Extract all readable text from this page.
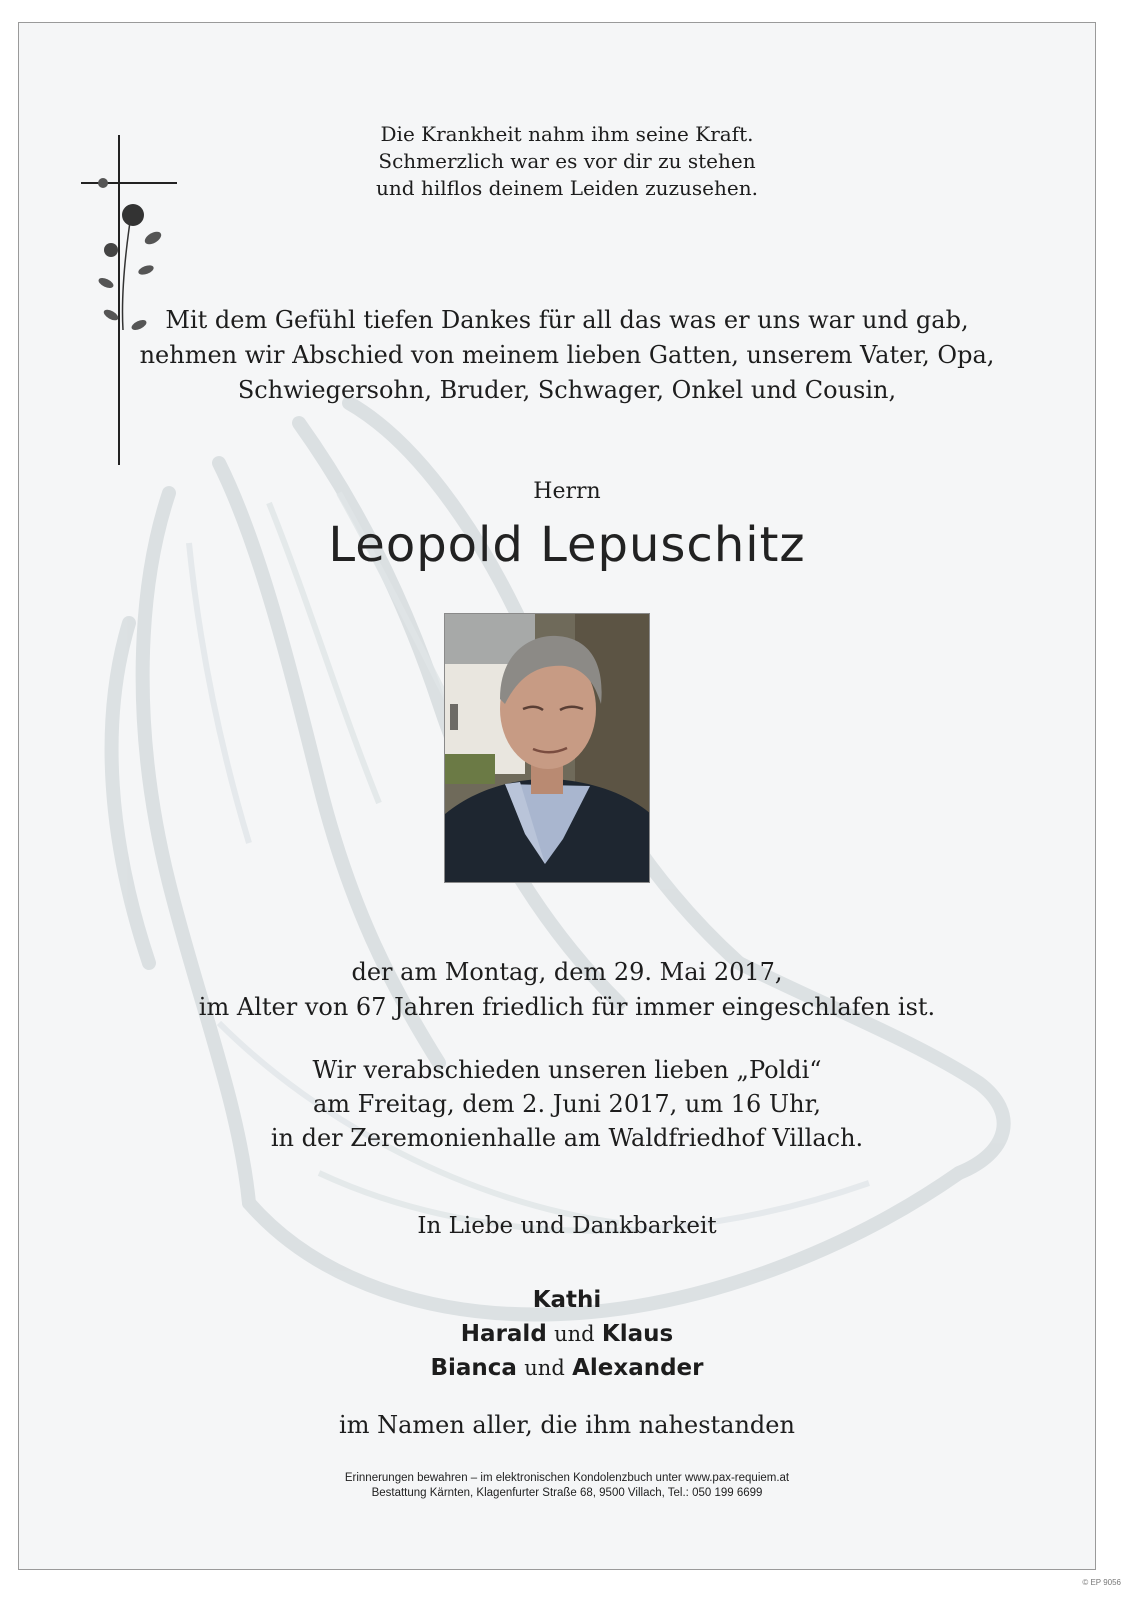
Die Krankheit nahm ihm seine Kraft.
Schmerzlich war es vor dir zu stehen
und hilflos deinem Leiden zuzusehen.
Mit dem Gefühl tiefen Dankes für all das was er uns war und gab,
nehmen wir Abschied von meinem lieben Gatten, unserem Vater, Opa,
Schwiegersohn, Bruder, Schwager, Onkel und Cousin,
Herrn
Leopold Lepuschitz
der am Montag, dem 29. Mai 2017,
im Alter von 67 Jahren friedlich für immer eingeschlafen ist.
Wir verabschieden unseren lieben „Poldi“
am Freitag, dem 2. Juni 2017, um 16 Uhr,
in der Zeremonienhalle am Waldfriedhof Villach.
In Liebe und Dankbarkeit
Kathi
Harald und Klaus
Bianca und Alexander
im Namen aller, die ihm nahestanden
Erinnerungen bewahren – im elektronischen Kondolenzbuch unter www.pax-requiem.at
Bestattung Kärnten, Klagenfurter Straße 68, 9500 Villach, Tel.: 050 199 6699
© EP 9056
